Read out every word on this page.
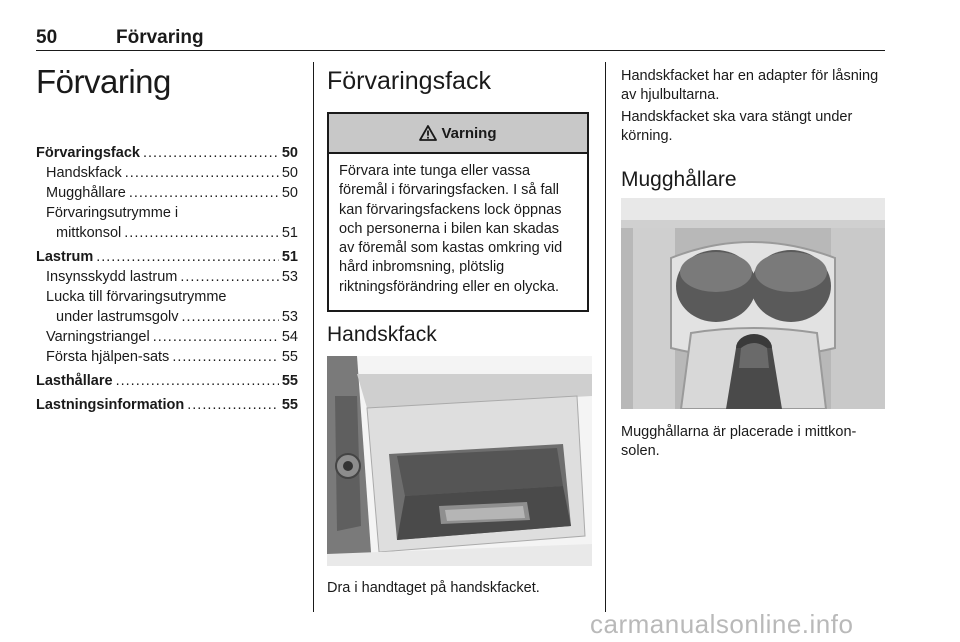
50	Förvaring
Förvaring
Förvaringsfack .....	50
Handskfack .....	50
Mugghållare .....	50
Förvaringsutrymme i
mittkonsol .....	51
Lastrum .....	51
Insynsskydd lastrum .....	53
Lucka till förvaringsutrymme
under lastrumsgolv .....	53
Varningstriangel .....	54
Första hjälpen-sats .....	55
Lasthållare .....	55
Lastningsinformation .....	55
Förvaringsfack
Varning
Förvara inte tunga eller vassa föremål i förvaringsfacken. I så fall kan förvaringsfackens lock öppnas och personerna i bilen kan skadas av föremål som kastas omkring vid hård inbromsning, plötslig riktningsförändring eller en olycka.
Handskfack
Dra i handtaget på handskfacket.
Handskfacket har en adapter för låsning av hjulbultarna.
Handskfacket ska vara stängt under körning.
Mugghållare
Mugghållarna är placerade i mittkon-solen.
carmanualsonline.info
